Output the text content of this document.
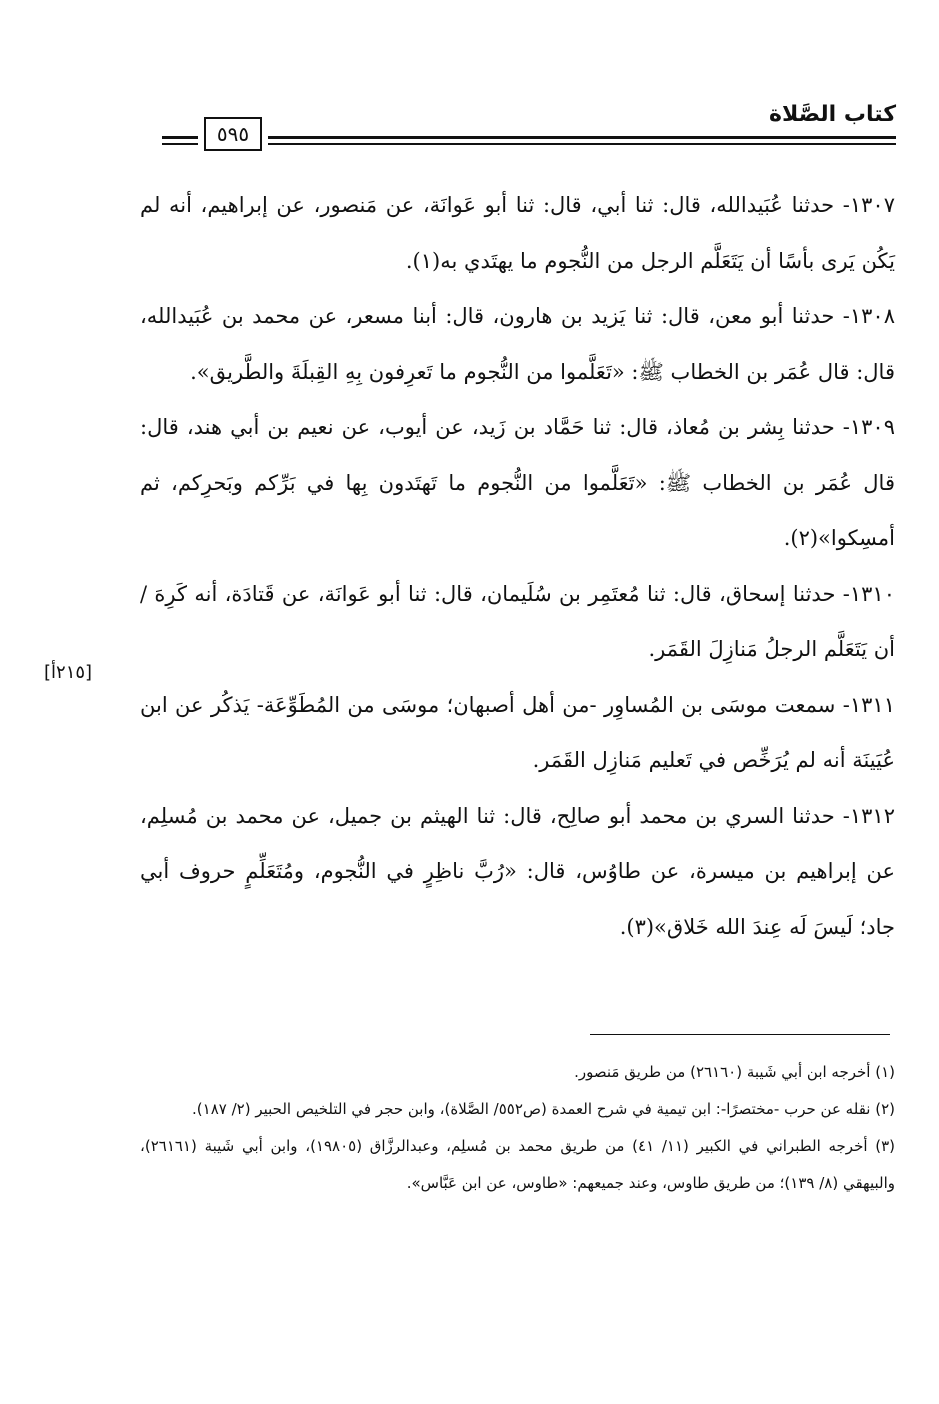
كتاب الصَّلاة
٥٩٥

١٣٠٧- حدثنا عُبَيدالله، قال: ثنا أبي، قال: ثنا أبو عَوانَة، عن مَنصور، عن إبراهيم، أنه لم يَكُن يَرى بأسًا أن يَتَعَلَّم الرجل من النُّجوم ما يهتَدي به(١).

١٣٠٨- حدثنا أبو معن، قال: ثنا يَزيد بن هارون، قال: أبنا مسعر، عن محمد بن عُبَيدالله، قال: قال عُمَر بن الخطاب ﷺ: «تَعَلَّموا من النُّجوم ما تَعرِفون بِهِ القِبلَةَ والطَّريق».

١٣٠٩- حدثنا بِشر بن مُعاذ، قال: ثنا حَمَّاد بن زَيد، عن أيوب، عن نعيم بن أبي هند، قال: قال عُمَر بن الخطاب ﷺ: «تَعَلَّموا من النُّجوم ما تَهتَدون بِها في بَرِّكم وبَحرِكم، ثم أمسِكوا»(٢).

١٣١٠- حدثنا إسحاق، قال: ثنا مُعتَمِر بن سُلَيمان، قال: ثنا أبو عَوانَة، عن قَتادَة، أنه كَرِهَ / أن يَتَعَلَّم الرجلُ مَنازِلَ القَمَر.

١٣١١- سمعت موسَى بن المُساوِر -من أهل أصبهان؛ موسَى من المُطَوِّعَة- يَذكُر عن ابن عُيَينَة أنه لم يُرَخِّص في تَعليم مَنازِل القَمَر.

١٣١٢- حدثنا السري بن محمد أبو صالِح، قال: ثنا الهيثم بن جميل، عن محمد بن مُسلِم، عن إبراهيم بن ميسرة، عن طاوُس، قال: «رُبَّ ناظِرٍ في النُّجوم، ومُتَعَلِّمٍ حروف أبي جاد؛ لَيسَ لَه عِندَ الله خَلاق»(٣).

[٢١٥أ]

(١) أخرجه ابن أبي شَيبة (٢٦١٦٠) من طريق مَنصور.

(٢) نقله عن حرب -مختصرًا-: ابن تيمية في شرح العمدة (ص٥٥٢/ الصَّلاة)، وابن حجر في التلخيص الحبير (٢/ ١٨٧).

(٣) أخرجه الطبراني في الكبير (١١/ ٤١) من طريق محمد بن مُسلِم، وعبدالرزَّاق (١٩٨٠٥)، وابن أبي شَيبة (٢٦١٦١)، والبيهقي (٨/ ١٣٩)؛ من طريق طاوس، وعند جميعهم: «طاوس، عن ابن عَبَّاس».
